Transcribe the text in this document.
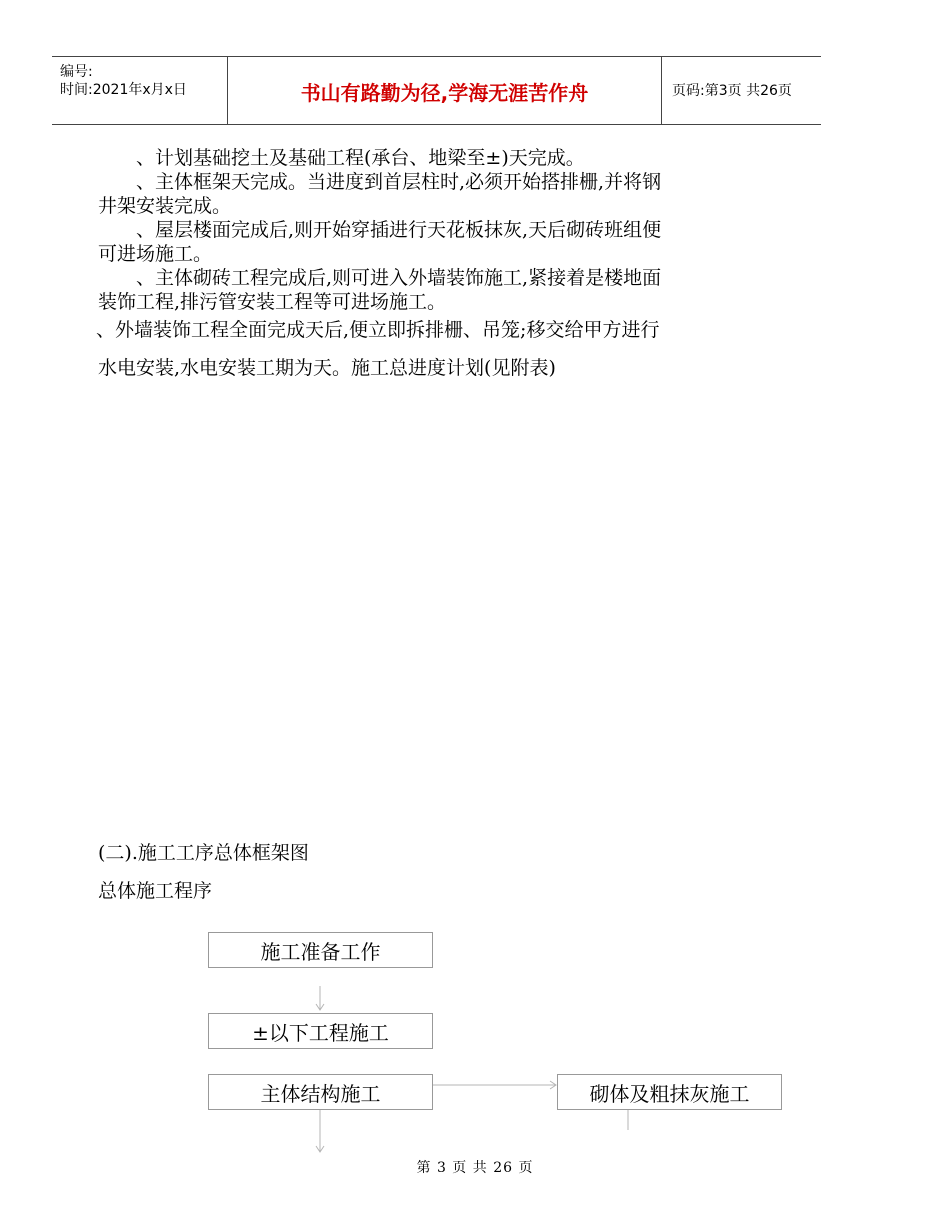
编号:
时间:2021年x月x日	书山有路勤为径,学海无涯苦作舟	页码:第3页 共26页
、计划基础挖土及基础工程(承台、地梁至±)天完成。
、主体框架天完成。当进度到首层柱时,必须开始搭排栅,并将钢
井架安装完成。
、屋层楼面完成后,则开始穿插进行天花板抹灰,天后砌砖班组便
可进场施工。
、主体砌砖工程完成后,则可进入外墙装饰施工,紧接着是楼地面
装饰工程,排污管安装工程等可进场施工。
、外墙装饰工程全面完成天后,便立即拆排栅、吊笼;移交给甲方进行
水电安装,水电安装工期为天。施工总进度计划(见附表)
(二).施工工序总体框架图
总体施工程序
施工准备工作
±以下工程施工
主体结构施工	砌体及粗抹灰施工
第 3 页 共 26 页
